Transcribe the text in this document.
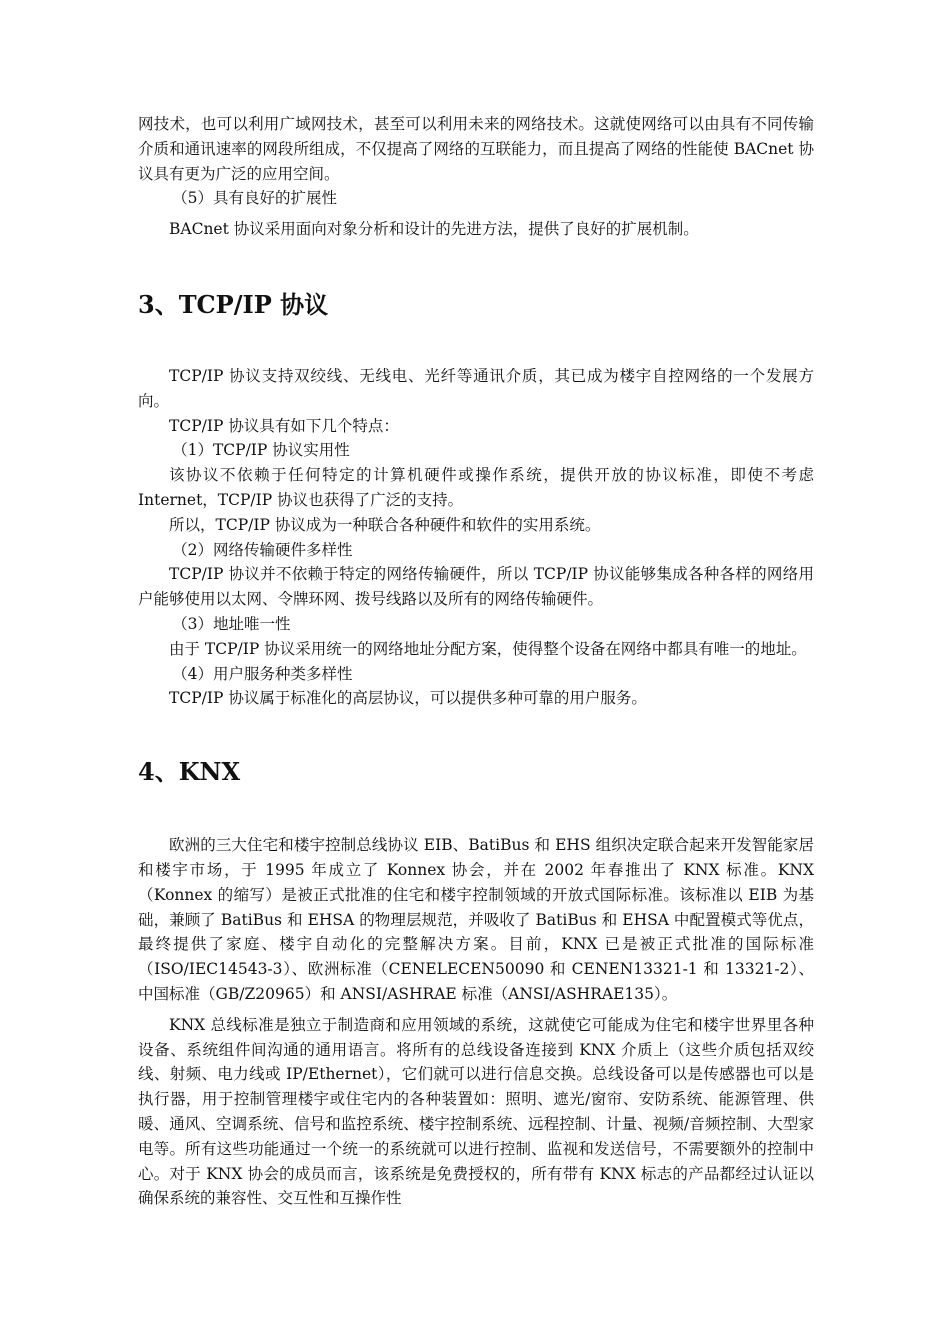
网技术，也可以利用广域网技术，甚至可以利用未来的网络技术。这就使网络可以由具有不同传输介质和通讯速率的网段所组成，不仅提高了网络的互联能力，而且提高了网络的性能使 BACnet 协议具有更为广泛的应用空间。

（5）具有良好的扩展性

BACnet 协议采用面向对象分析和设计的先进方法，提供了良好的扩展机制。

3、TCP/IP 协议

TCP/IP 协议支持双绞线、无线电、光纤等通讯介质，其已成为楼宇自控网络的一个发展方向。

TCP/IP 协议具有如下几个特点：

（1）TCP/IP 协议实用性

该协议不依赖于任何特定的计算机硬件或操作系统，提供开放的协议标准，即使不考虑 Internet，TCP/IP 协议也获得了广泛的支持。

所以，TCP/IP 协议成为一种联合各种硬件和软件的实用系统。

（2）网络传输硬件多样性

TCP/IP 协议并不依赖于特定的网络传输硬件，所以 TCP/IP 协议能够集成各种各样的网络用户能够使用以太网、令牌环网、拨号线路以及所有的网络传输硬件。

（3）地址唯一性

由于 TCP/IP 协议采用统一的网络地址分配方案，使得整个设备在网络中都具有唯一的地址。

（4）用户服务种类多样性

TCP/IP 协议属于标准化的高层协议，可以提供多种可靠的用户服务。

4、KNX

欧洲的三大住宅和楼宇控制总线协议 EIB、BatiBus 和 EHS 组织决定联合起来开发智能家居和楼宇市场，于 1995 年成立了 Konnex 协会，并在 2002 年春推出了 KNX 标准。KNX（Konnex 的缩写）是被正式批准的住宅和楼宇控制领域的开放式国际标准。该标准以 EIB 为基础，兼顾了 BatiBus 和 EHSA 的物理层规范，并吸收了 BatiBus 和 EHSA 中配置模式等优点，最终提供了家庭、楼宇自动化的完整解决方案。目前，KNX 已是被正式批准的国际标准（ISO/IEC14543-3）、欧洲标准（CENELECEN50090 和 CENEN13321-1 和 13321-2）、中国标准（GB/Z20965）和 ANSI/ASHRAE 标准（ANSI/ASHRAE135）。

KNX 总线标准是独立于制造商和应用领域的系统，这就使它可能成为住宅和楼宇世界里各种设备、系统组件间沟通的通用语言。将所有的总线设备连接到 KNX 介质上（这些介质包括双绞线、射频、电力线或 IP/Ethernet），它们就可以进行信息交换。总线设备可以是传感器也可以是执行器，用于控制管理楼宇或住宅内的各种装置如：照明、遮光/窗帘、安防系统、能源管理、供暖、通风、空调系统、信号和监控系统、楼宇控制系统、远程控制、计量、视频/音频控制、大型家电等。所有这些功能通过一个统一的系统就可以进行控制、监视和发送信号，不需要额外的控制中心。对于 KNX 协会的成员而言，该系统是免费授权的，所有带有 KNX 标志的产品都经过认证以确保系统的兼容性、交互性和互操作性
